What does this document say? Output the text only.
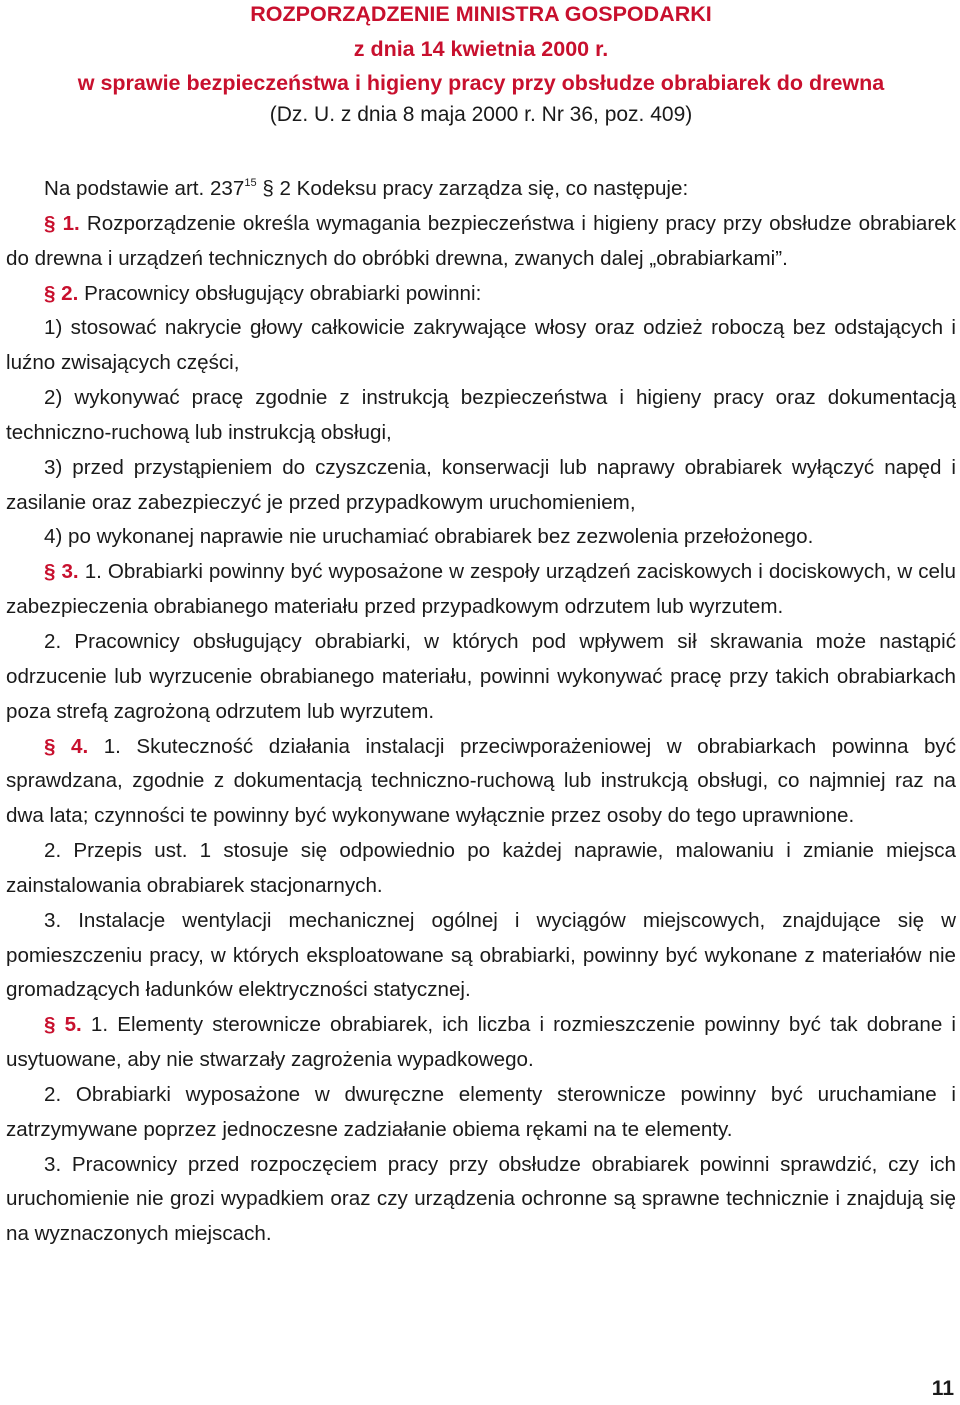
ROZPORZĄDZENIE MINISTRA GOSPODARKI
z dnia 14 kwietnia 2000 r.
w sprawie bezpieczeństwa i higieny pracy przy obsłudze obrabiarek do drewna
(Dz. U. z dnia 8 maja 2000 r. Nr 36, poz. 409)

Na podstawie art. $237^{15}$ § 2 Kodeksu pracy zarządza się, co następuje:

§ 1. Rozporządzenie określa wymagania bezpieczeństwa i higieny pracy przy obsłudze obrabiarek do drewna i urządzeń technicznych do obróbki drewna, zwanych dalej „obrabiarkami”.

§ 2. Pracownicy obsługujący obrabiarki powinni:

1) stosować nakrycie głowy całkowicie zakrywające włosy oraz odzież roboczą bez odstających i luźno zwisających części,

2) wykonywać pracę zgodnie z instrukcją bezpieczeństwa i higieny pracy oraz dokumentacją techniczno-ruchową lub instrukcją obsługi,

3) przed przystąpieniem do czyszczenia, konserwacji lub naprawy obrabiarek wyłączyć napęd i zasilanie oraz zabezpieczyć je przed przypadkowym uruchomieniem,

4) po wykonanej naprawie nie uruchamiać obrabiarek bez zezwolenia przełożonego.

§ 3. 1. Obrabiarki powinny być wyposażone w zespoły urządzeń zaciskowych i dociskowych, w celu zabezpieczenia obrabianego materiału przed przypadkowym odrzutem lub wyrzutem.

2. Pracownicy obsługujący obrabiarki, w których pod wpływem sił skrawania może nastąpić odrzucenie lub wyrzucenie obrabianego materiału, powinni wykonywać pracę przy takich obrabiarkach poza strefą zagrożoną odrzutem lub wyrzutem.

§ 4. 1. Skuteczność działania instalacji przeciwporażeniowej w obrabiarkach powinna być sprawdzana, zgodnie z dokumentacją techniczno-ruchową lub instrukcją obsługi, co najmniej raz na dwa lata; czynności te powinny być wykonywane wyłącznie przez osoby do tego uprawnione.

2. Przepis ust. 1 stosuje się odpowiednio po każdej naprawie, malowaniu i zmianie miejsca zainstalowania obrabiarek stacjonarnych.

3. Instalacje wentylacji mechanicznej ogólnej i wyciągów miejscowych, znajdujące się w pomieszczeniu pracy, w których eksploatowane są obrabiarki, powinny być wykonane z materiałów nie gromadzących ładunków elektryczności statycznej.

§ 5. 1. Elementy sterownicze obrabiarek, ich liczba i rozmieszczenie powinny być tak dobrane i usytuowane, aby nie stwarzały zagrożenia wypadkowego.

2. Obrabiarki wyposażone w dwuręczne elementy sterownicze powinny być uruchamiane i zatrzymywane poprzez jednoczesne zadziałanie obiema rękami na te elementy.

3. Pracownicy przed rozpoczęciem pracy przy obsłudze obrabiarek powinni sprawdzić, czy ich uruchomienie nie grozi wypadkiem oraz czy urządzenia ochronne są sprawne technicznie i znajdują się na wyznaczonych miejscach.

11
